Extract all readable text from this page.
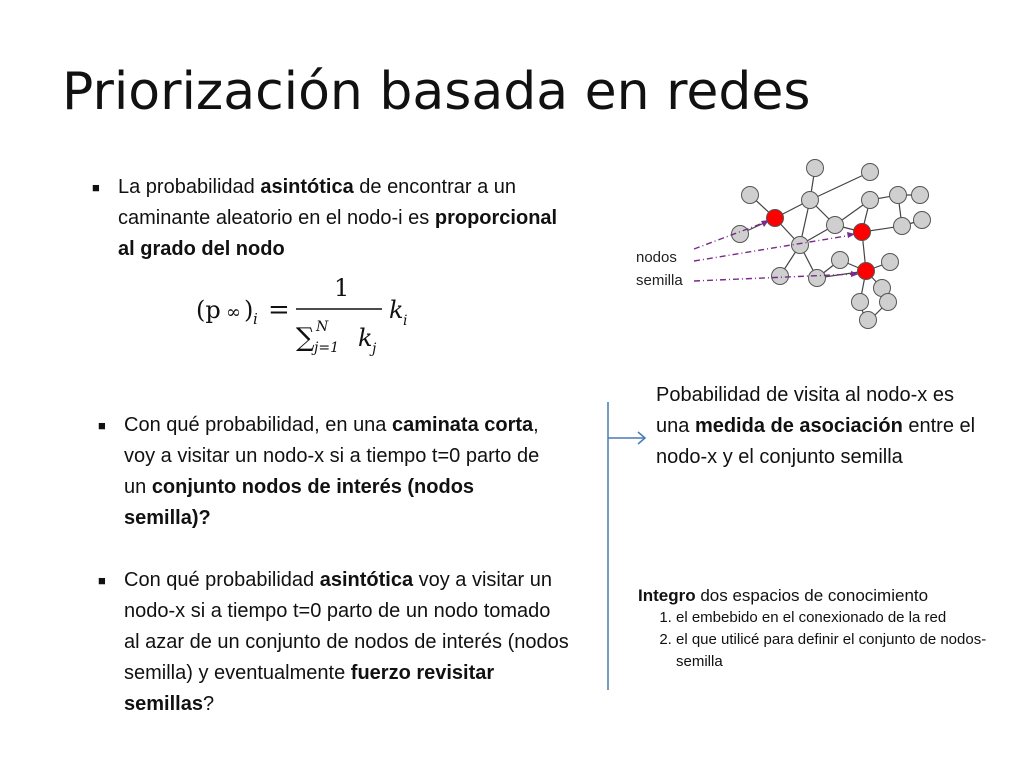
Priorización basada en redes
■ La probabilidad asintótica de encontrar a un caminante aleatorio en el nodo-i es proporcional al grado del nodo
(p ∞ ) i =
1
∑ N
j=1 k j
k i
nodos
semilla
■ Con qué probabilidad, en una caminata corta, voy a visitar un nodo-x si a tiempo t=0 parto de un conjunto nodos de interés (nodos semilla)?
■ Con qué probabilidad asintótica voy a visitar un nodo-x si a tiempo t=0 parto de un nodo tomado al azar de un conjunto de nodos de interés (nodos semilla) y eventualmente fuerzo revisitar semillas?
Pobabilidad de visita al nodo-x es una medida de asociación entre el nodo-x y el conjunto semilla
Integro dos espacios de conocimiento
1. el embebido en el conexionado de la red
2. el que utilicé para definir el conjunto de nodos-semilla
